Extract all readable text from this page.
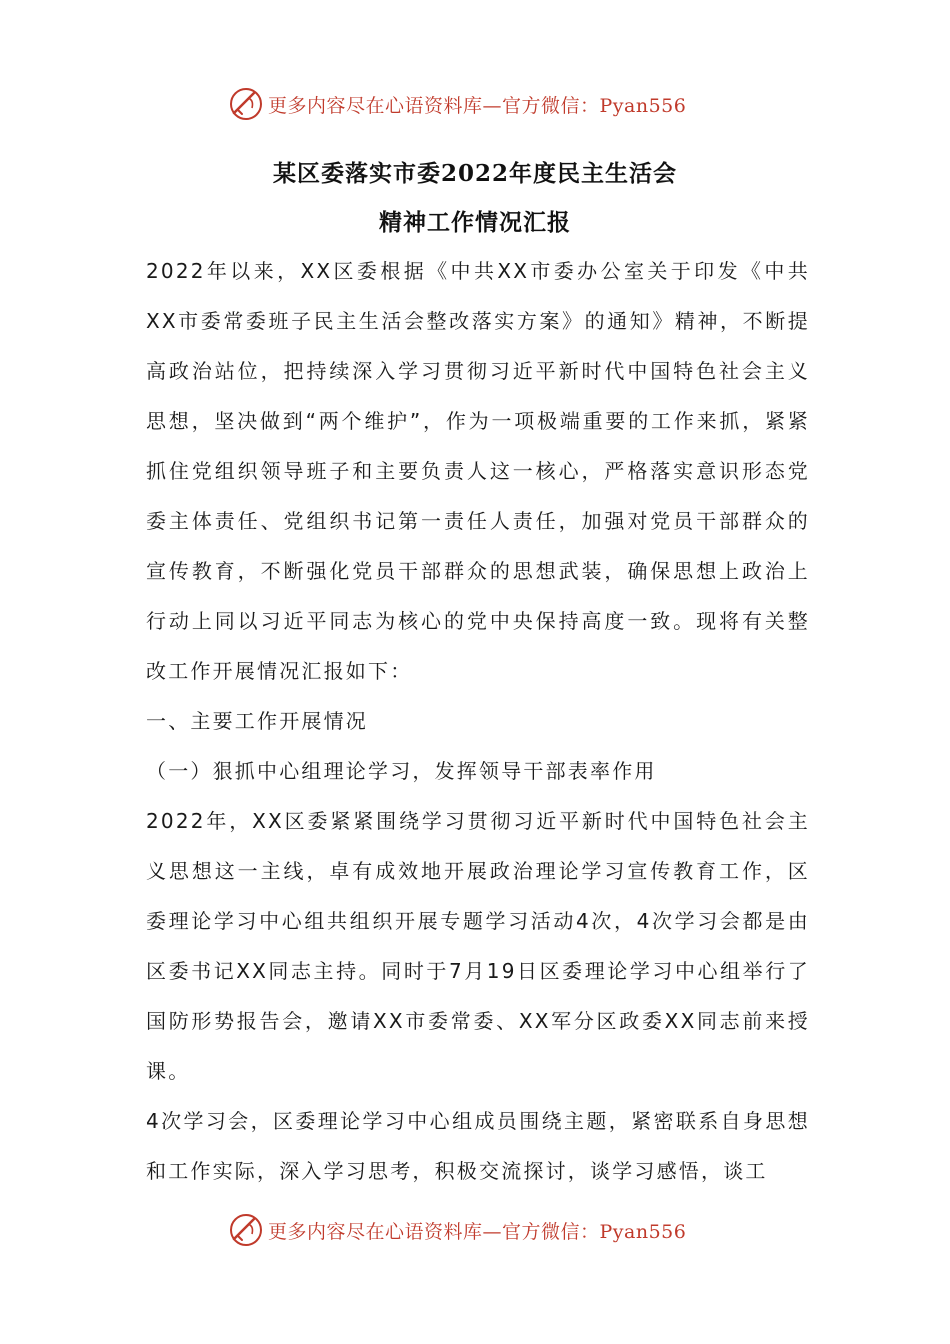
更多内容尽在心语资料库—官方微信：Pyan556
某区委落实市委2022年度民主生活会
精神工作情况汇报

2022年以来，XX区委根据《中共XX市委办公室关于印发《中共XX市委常委班子民主生活会整改落实方案》的通知》精神，不断提高政治站位，把持续深入学习贯彻习近平新时代中国特色社会主义思想，坚决做到“两个维护”，作为一项极端重要的工作来抓，紧紧抓住党组织领导班子和主要负责人这一核心，严格落实意识形态党委主体责任、党组织书记第一责任人责任，加强对党员干部群众的宣传教育，不断强化党员干部群众的思想武装，确保思想上政治上行动上同以习近平同志为核心的党中央保持高度一致。现将有关整改工作开展情况汇报如下：

一、主要工作开展情况

（一）狠抓中心组理论学习，发挥领导干部表率作用

2022年，XX区委紧紧围绕学习贯彻习近平新时代中国特色社会主义思想这一主线，卓有成效地开展政治理论学习宣传教育工作，区委理论学习中心组共组织开展专题学习活动4次，4次学习会都是由区委书记XX同志主持。同时于7月19日区委理论学习中心组举行了国防形势报告会，邀请XX市委常委、XX军分区政委XX同志前来授课。

4次学习会，区委理论学习中心组成员围绕主题，紧密联系自身思想和工作实际，深入学习思考，积极交流探讨，谈学习感悟，谈工

更多内容尽在心语资料库—官方微信：Pyan556
